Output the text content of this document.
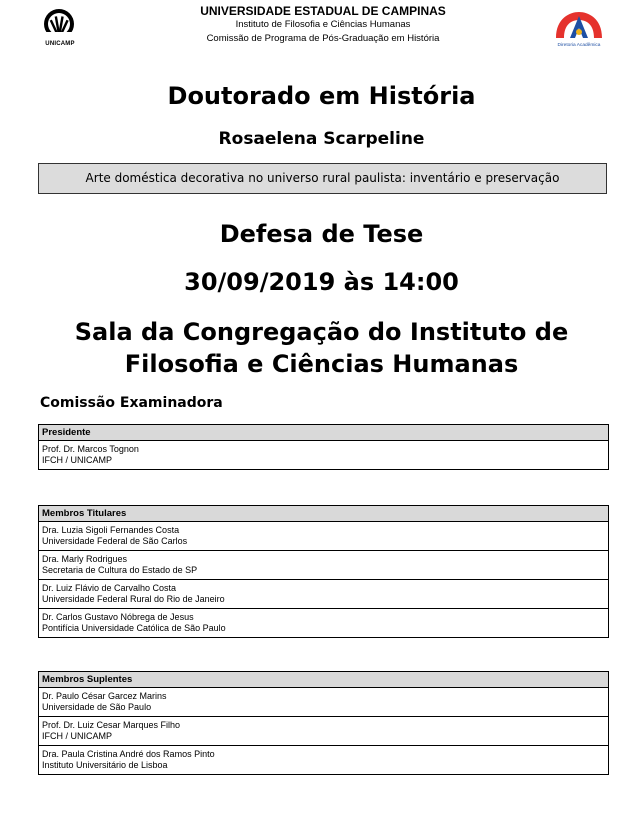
UNICAMP
UNIVERSIDADE ESTADUAL DE CAMPINAS
Instituto de Filosofia e Ciências Humanas
Comissão de Programa de Pós-Graduação em História
Diretoria Acadêmica
Doutorado em História
Rosaelena Scarpeline
Arte doméstica decorativa no universo rural paulista: inventário e preservação
Defesa de Tese
30/09/2019 às 14:00
Sala da Congregação do Instituto de
Filosofia e Ciências Humanas
Comissão Examinadora
Presidente
Prof. Dr. Marcos Tognon
IFCH / UNICAMP
Membros Titulares
Dra. Luzia Sigoli Fernandes Costa
Universidade Federal de São Carlos
Dra. Marly Rodrigues
Secretaria de Cultura do Estado de SP
Dr. Luiz Flávio de Carvalho Costa
Universidade Federal Rural do Rio de Janeiro
Dr. Carlos Gustavo Nóbrega de Jesus
Pontifícia Universidade Católica de São Paulo
Membros Suplentes
Dr. Paulo César Garcez Marins
Universidade de São Paulo
Prof. Dr. Luiz Cesar Marques Filho
IFCH / UNICAMP
Dra. Paula Cristina André dos Ramos Pinto
Instituto Universitário de Lisboa
